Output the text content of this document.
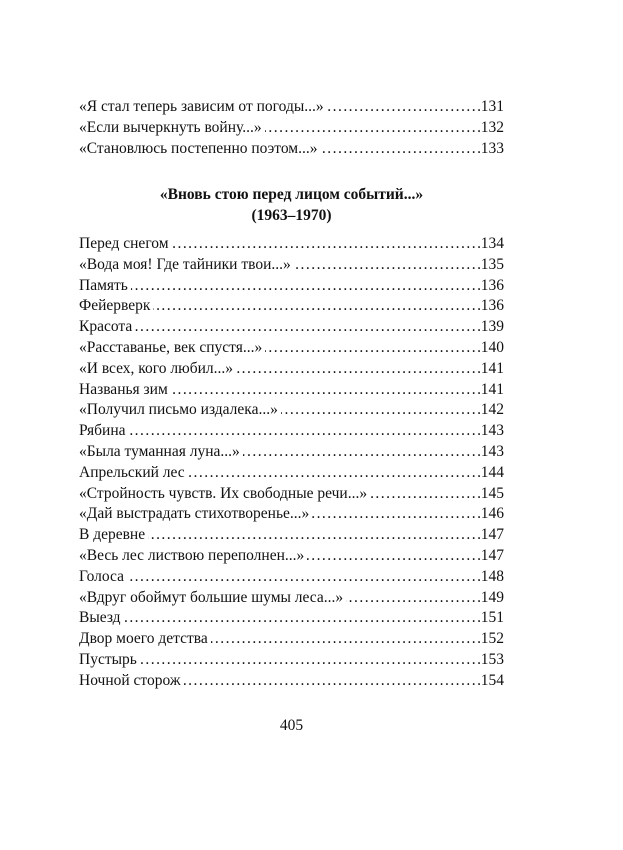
«Я стал теперь зависим от погоды...» . . .	131
«Если вычеркнуть войну...» . . .	132
«Становлюсь постепенно поэтом...» . . .	133
«Вновь стою перед лицом событий...»
(1963–1970)
Перед снегом . . .	134
«Вода моя! Где тайники твои...» . . .	135
Память . . .	136
Фейерверк . . .	136
Красота . . .	139
«Расставанье, век спустя...» . . .	140
«И всех, кого любил...» . . .	141
Названья зим . . .	141
«Получил письмо издалека...» . . .	142
Рябина . . .	143
«Была туманная луна...» . . .	143
Апрельский лес . . .	144
«Стройность чувств. Их свободные речи...» . . .	145
«Дай выстрадать стихотворенье...» . . .	146
В деревне . . .	147
«Весь лес листвою переполнен...» . . .	147
Голоса . . .	148
«Вдруг обоймут большие шумы леса...» . . .	149
Выезд . . .	151
Двор моего детства . . .	152
Пустырь . . .	153
Ночной сторож . . .	154
405
